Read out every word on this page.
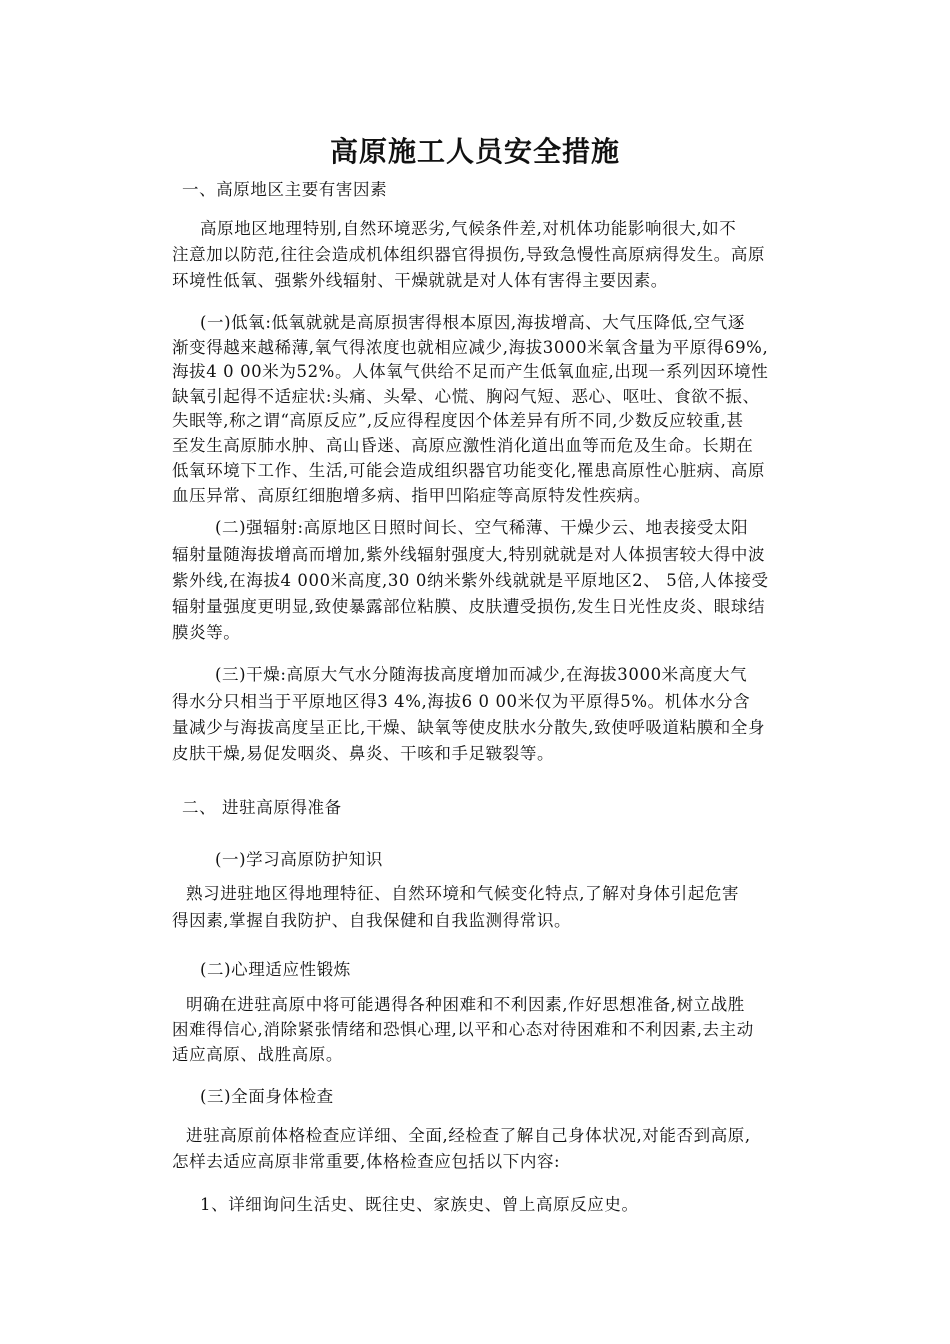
高原施工人员安全措施
一、高原地区主要有害因素
高原地区地理特别,自然环境恶劣,气候条件差,对机体功能影响很大,如不
注意加以防范,往往会造成机体组织器官得损伤,导致急慢性高原病得发生。高原
环境性低氧、强紫外线辐射、干燥就就是对人体有害得主要因素。
(一)低氧:低氧就就是高原损害得根本原因,海拔增高、大气压降低,空气逐
渐变得越来越稀薄,氧气得浓度也就相应减少,海拔3000米氧含量为平原得69%,
海拔4 0 00米为52%。人体氧气供给不足而产生低氧血症,出现一系列因环境性
缺氧引起得不适症状:头痛、头晕、心慌、胸闷气短、恶心、呕吐、食欲不振、
失眠等,称之谓“高原反应”,反应得程度因个体差异有所不同,少数反应较重,甚
至发生高原肺水肿、高山昏迷、高原应激性消化道出血等而危及生命。长期在
低氧环境下工作、生活,可能会造成组织器官功能变化,罹患高原性心脏病、高原
血压异常、高原红细胞增多病、指甲凹陷症等高原特发性疾病。
(二)强辐射:高原地区日照时间长、空气稀薄、干燥少云、地表接受太阳
辐射量随海拔增高而增加,紫外线辐射强度大,特别就就是对人体损害较大得中波
紫外线,在海拔4 000米高度,30 0纳米紫外线就就是平原地区2、 5倍,人体接受
辐射量强度更明显,致使暴露部位粘膜、皮肤遭受损伤,发生日光性皮炎、眼球结
膜炎等。
(三)干燥:高原大气水分随海拔高度增加而减少,在海拔3000米高度大气
得水分只相当于平原地区得3 4%,海拔6 0 00米仅为平原得5%。机体水分含
量减少与海拔高度呈正比,干燥、缺氧等使皮肤水分散失,致使呼吸道粘膜和全身
皮肤干燥,易促发咽炎、鼻炎、干咳和手足皲裂等。
二、 进驻高原得准备
(一)学习高原防护知识
熟习进驻地区得地理特征、自然环境和气候变化特点,了解对身体引起危害
得因素,掌握自我防护、自我保健和自我监测得常识。
(二)心理适应性锻炼
明确在进驻高原中将可能遇得各种困难和不利因素,作好思想准备,树立战胜
困难得信心,消除紧张情绪和恐惧心理,以平和心态对待困难和不利因素,去主动
适应高原、战胜高原。
(三)全面身体检查
进驻高原前体格检查应详细、全面,经检查了解自己身体状况,对能否到高原,
怎样去适应高原非常重要,体格检查应包括以下内容:
1、详细询问生活史、既往史、家族史、曾上高原反应史。
